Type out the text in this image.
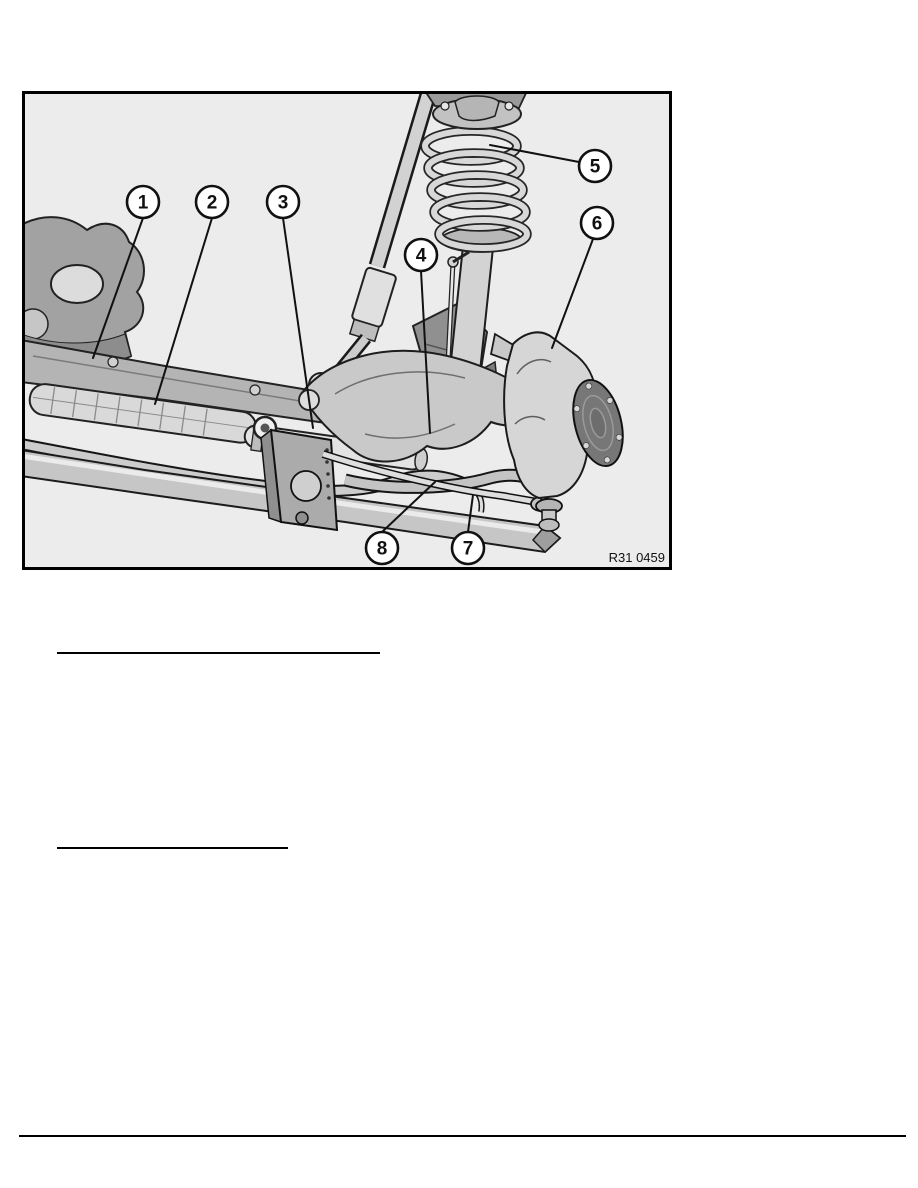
1	2	3
4
5
6
7
8	R31 0459
